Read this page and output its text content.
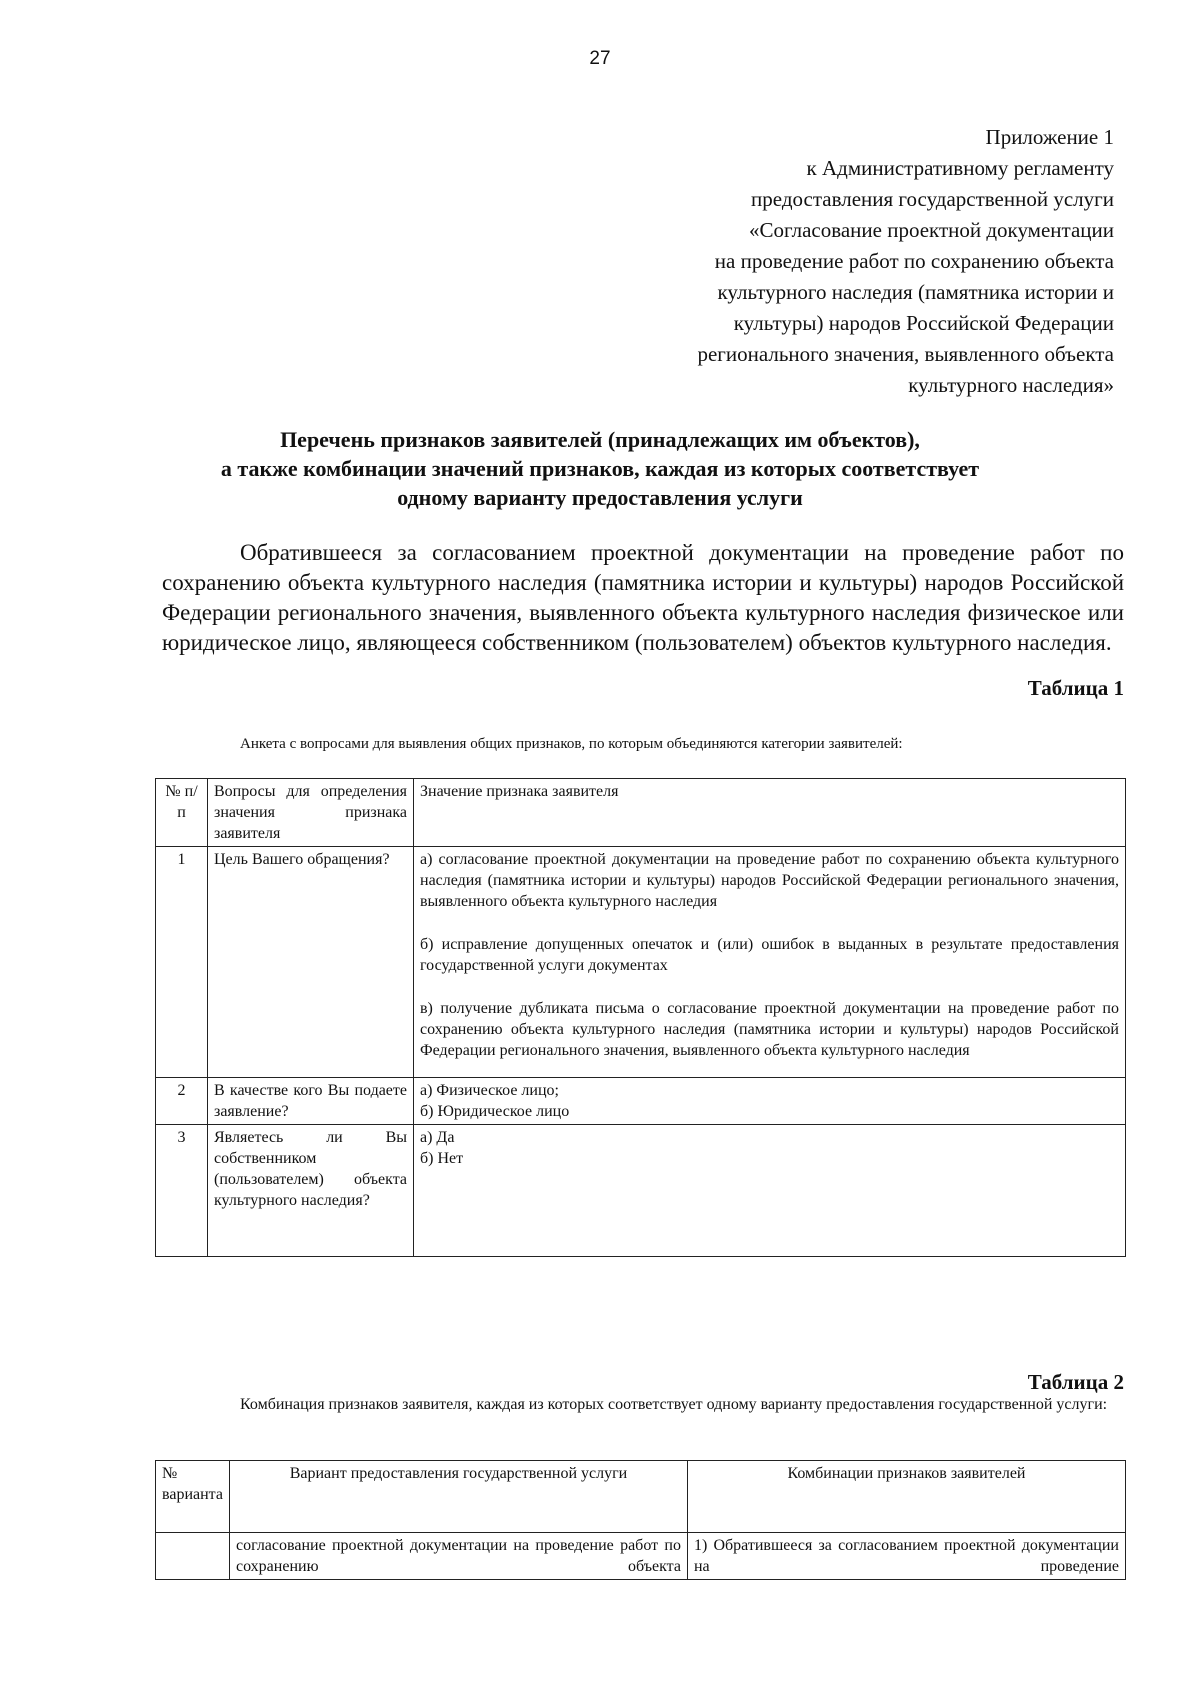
27
Приложение 1
к Административному регламенту
предоставления государственной услуги
«Согласование проектной документации
на проведение работ по сохранению объекта
культурного наследия (памятника истории и
культуры) народов Российской Федерации
регионального значения, выявленного объекта
культурного наследия»
Перечень признаков заявителей (принадлежащих им объектов),
а также комбинации значений признаков, каждая из которых соответствует
одному варианту предоставления услуги

Обратившееся за согласованием проектной документации на проведение работ по сохранению объекта культурного наследия (памятника истории и культуры) народов Российской Федерации регионального значения, выявленного объекта культурного наследия физическое или юридическое лицо, являющееся собственником (пользователем) объектов культурного наследия.

Таблица 1

Анкета с вопросами для выявления общих признаков, по которым объединяются категории заявителей:

№ п/п	Вопросы для определения значения признака заявителя	Значение признака заявителя
1	Цель Вашего обращения?	а) согласование проектной документации на проведение работ по сохранению объекта культурного наследия (памятника истории и культуры) народов Российской Федерации регионального значения, выявленного объекта культурного наследия
б) исправление допущенных опечаток и (или) ошибок в выданных в результате предоставления государственной услуги документах
в) получение дубликата письма о согласование проектной документации на проведение работ по сохранению объекта культурного наследия (памятника истории и культуры) народов Российской Федерации регионального значения, выявленного объекта культурного наследия

2	В качестве кого Вы подаете заявление?	а) Физическое лицо;
б) Юридическое лицо

3	Являетесь ли Вы собственником (пользователем) объекта культурного наследия?	а) Да
б) Нет
Таблица 2

Комбинация признаков заявителя, каждая из которых соответствует одному варианту предоставления государственной услуги:

№ варианта	Вариант предоставления государственной услуги	Комбинации признаков заявителей
	согласование проектной документации на проведение работ по сохранению объекта	1) Обратившееся за согласованием проектной документации на проведение
